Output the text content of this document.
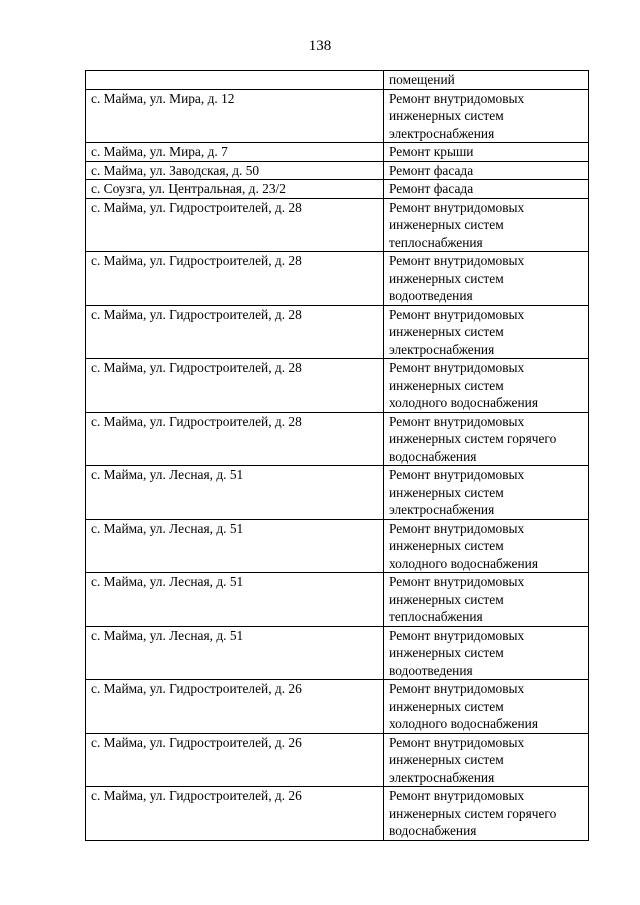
138

	помещений

с. Майма, ул. Мира, д. 12	Ремонт внутридомовых
инженерных систем
электроснабжения

с. Майма, ул. Мира, д. 7	Ремонт крыши

с. Майма, ул. Заводская, д. 50	Ремонт фасада

с. Соузга, ул. Центральная, д. 23/2	Ремонт фасада

с. Майма, ул. Гидростроителей, д. 28	Ремонт внутридомовых
инженерных систем
теплоснабжения

с. Майма, ул. Гидростроителей, д. 28	Ремонт внутридомовых
инженерных систем
водоотведения

с. Майма, ул. Гидростроителей, д. 28	Ремонт внутридомовых
инженерных систем
электроснабжения

с. Майма, ул. Гидростроителей, д. 28	Ремонт внутридомовых
инженерных систем
холодного водоснабжения

с. Майма, ул. Гидростроителей, д. 28	Ремонт внутридомовых
инженерных систем горячего
водоснабжения

с. Майма, ул. Лесная, д. 51	Ремонт внутридомовых
инженерных систем
электроснабжения

с. Майма, ул. Лесная, д. 51	Ремонт внутридомовых
инженерных систем
холодного водоснабжения

с. Майма, ул. Лесная, д. 51	Ремонт внутридомовых
инженерных систем
теплоснабжения

с. Майма, ул. Лесная, д. 51	Ремонт внутридомовых
инженерных систем
водоотведения

с. Майма, ул. Гидростроителей, д. 26	Ремонт внутридомовых
инженерных систем
холодного водоснабжения

с. Майма, ул. Гидростроителей, д. 26	Ремонт внутридомовых
инженерных систем
электроснабжения

с. Майма, ул. Гидростроителей, д. 26	Ремонт внутридомовых
инженерных систем горячего
водоснабжения
